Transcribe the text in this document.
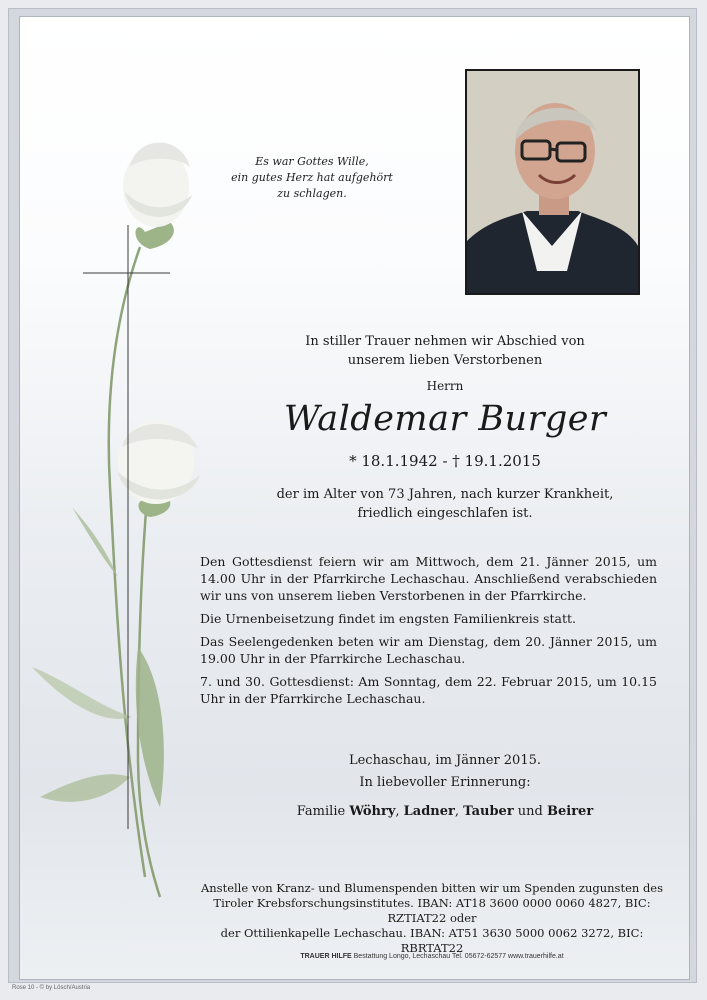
Es war Gottes Wille,
ein gutes Herz hat aufgehört
zu schlagen.
In stiller Trauer nehmen wir Abschied von
unserem lieben Verstorbenen
Herrn
Waldemar Burger
* 18.1.1942 - † 19.1.2015
der im Alter von 73 Jahren, nach kurzer Krankheit,
friedlich eingeschlafen ist.

Den Gottesdienst feiern wir am Mittwoch, dem 21. Jänner 2015, um 14.00 Uhr in der Pfarrkirche Lechaschau. Anschließend verabschieden wir uns von unserem lieben Verstorbenen in der Pfarrkirche.

Die Urnenbeisetzung findet im engsten Familienkreis statt.

Das Seelengedenken beten wir am Dienstag, dem 20. Jänner 2015, um 19.00 Uhr in der Pfarrkirche Lechaschau.

7. und 30. Gottesdienst: Am Sonntag, dem 22. Februar 2015, um 10.15 Uhr in der Pfarrkirche Lechaschau.

Lechaschau, im Jänner 2015.
In liebevoller Erinnerung:
Familie Wöhry, Ladner, Tauber und Beirer
Anstelle von Kranz- und Blumenspenden bitten wir um Spenden zugunsten des
Tiroler Krebsforschungsinstitutes. IBAN: AT18 3600 0000 0060 4827, BIC: RZTIAT22 oder
der Ottilienkapelle Lechaschau. IBAN: AT51 3630 5000 0062 3272, BIC: RBRTAT22
TRAUER HILFE Bestattung Longo, Lechaschau Tel. 05672-62577 www.trauerhilfe.at
Rose 10 - © by Lösch/Austria
